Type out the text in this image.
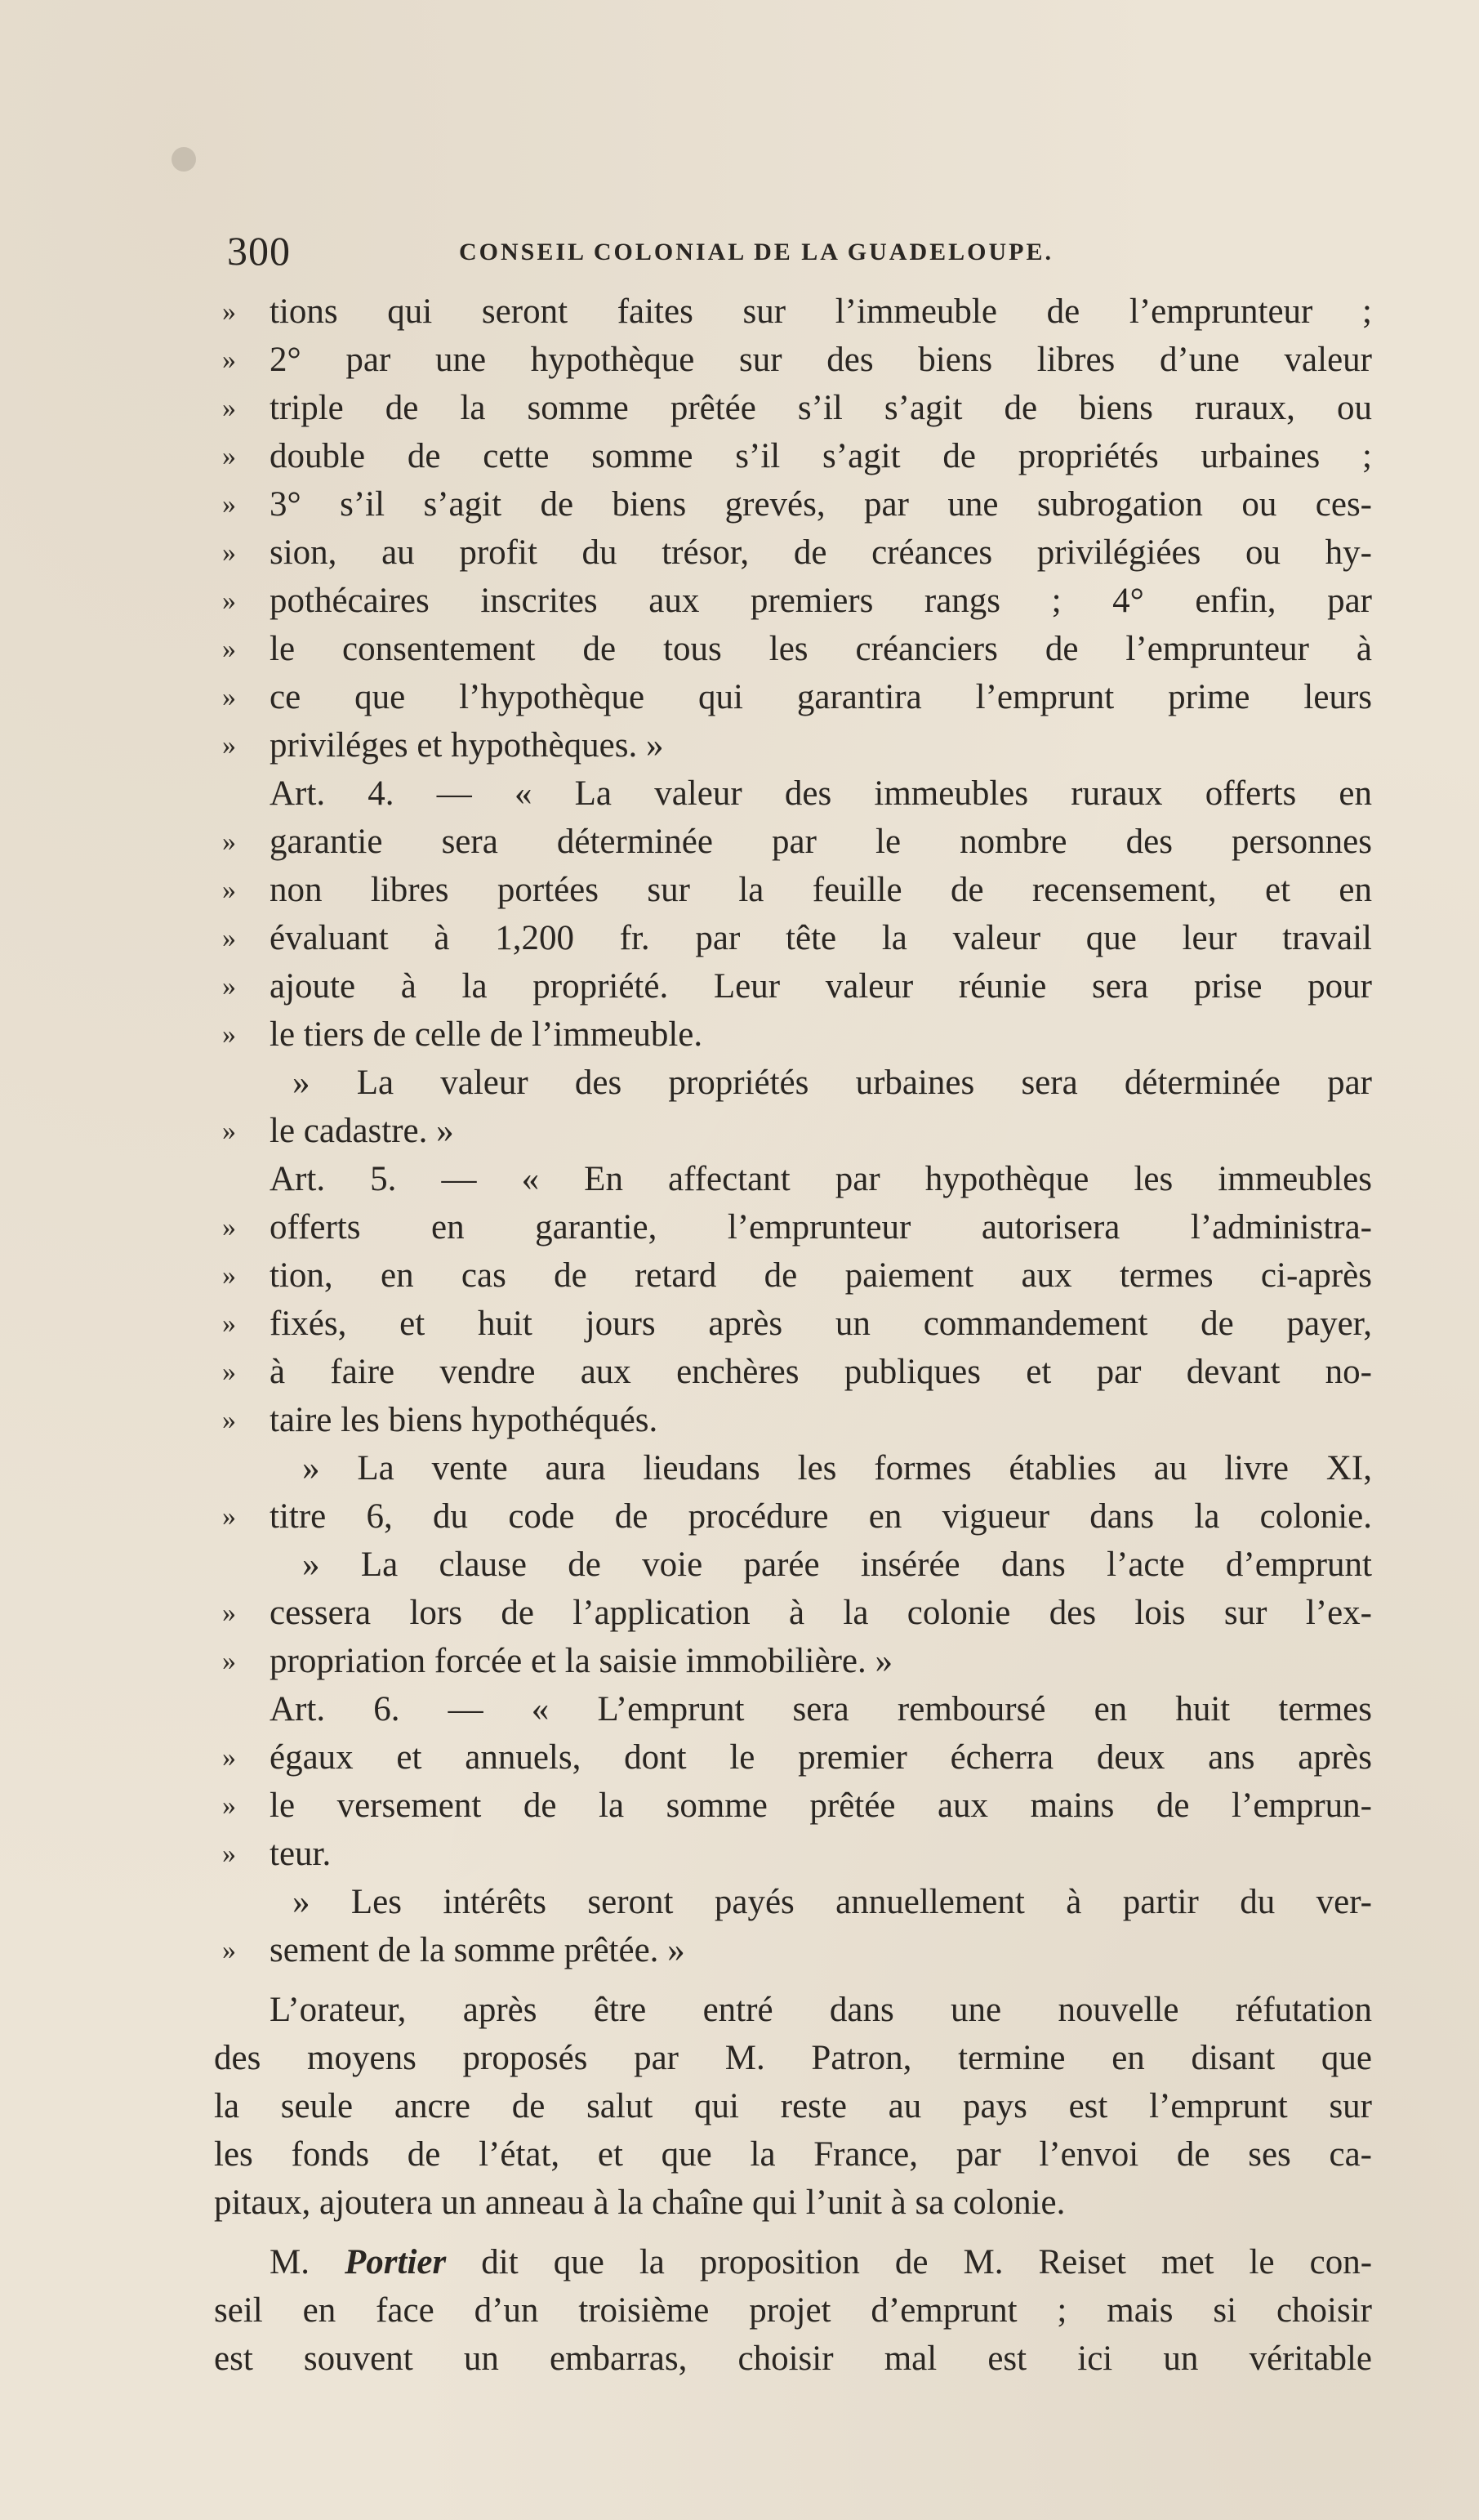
300	CONSEIL COLONIAL DE LA GUADELOUPE.
» tions qui seront faites sur l’immeuble de l’emprunteur ;
» 2° par une hypothèque sur des biens libres d’une valeur
» triple de la somme prêtée s’il s’agit de biens ruraux, ou
» double de cette somme s’il s’agit de propriétés urbaines ;
» 3° s’il s’agit de biens grevés, par une subrogation ou ces-
» sion, au profit du trésor, de créances privilégiées ou hy-
» pothécaires inscrites aux premiers rangs ; 4° enfin, par
» le consentement de tous les créanciers de l’emprunteur à
» ce que l’hypothèque qui garantira l’emprunt prime leurs
» priviléges et hypothèques. »
Art. 4. — « La valeur des immeubles ruraux offerts en
» garantie sera déterminée par le nombre des personnes
» non libres portées sur la feuille de recensement, et en
» évaluant à 1,200 fr. par tête la valeur que leur travail
» ajoute à la propriété. Leur valeur réunie sera prise pour
» le tiers de celle de l’immeuble.
» La valeur des propriétés urbaines sera déterminée par
» le cadastre. »
Art. 5. — « En affectant par hypothèque les immeubles
» offerts en garantie, l’emprunteur autorisera l’administra-
» tion, en cas de retard de paiement aux termes ci-après
» fixés, et huit jours après un commandement de payer,
» à faire vendre aux enchères publiques et par devant no-
» taire les biens hypothéqués.
» La vente aura lieudans les formes établies au livre XI,
» titre 6, du code de procédure en vigueur dans la colonie.
» La clause de voie parée insérée dans l’acte d’emprunt
» cessera lors de l’application à la colonie des lois sur l’ex-
» propriation forcée et la saisie immobilière. »
Art. 6. — « L’emprunt sera remboursé en huit termes
» égaux et annuels, dont le premier écherra deux ans après
» le versement de la somme prêtée aux mains de l’emprun-
» teur.
» Les intérêts seront payés annuellement à partir du ver-
» sement de la somme prêtée. »
L’orateur, après être entré dans une nouvelle réfutation
des moyens proposés par M. Patron, termine en disant que
la seule ancre de salut qui reste au pays est l’emprunt sur
les fonds de l’état, et que la France, par l’envoi de ses ca-
pitaux, ajoutera un anneau à la chaîne qui l’unit à sa colonie.
M. Portier dit que la proposition de M. Reiset met le con-
seil en face d’un troisième projet d’emprunt ; mais si choisir
est souvent un embarras, choisir mal est ici un véritable
